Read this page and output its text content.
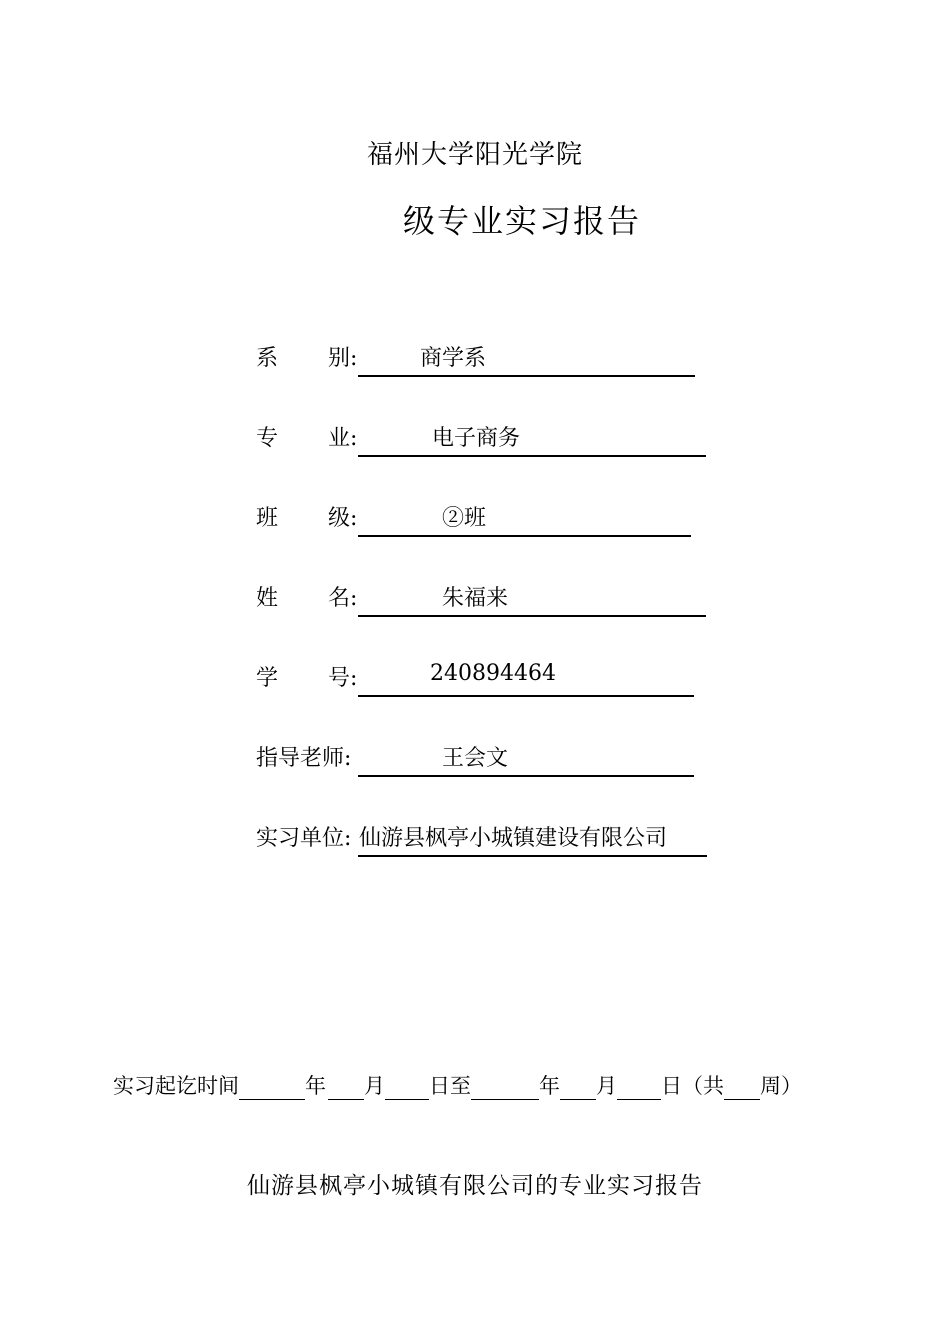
福州大学阳光学院
级专业实习报告
系 别:	商学系
专 业:	电子商务
班 级:	②班
姓 名:	朱福来
学 号:	240894464
指导老师:	王会文
实习单位: 仙游县枫亭小城镇建设有限公司
实习起讫时间	年 月 日至	年 月 日（共 周）
仙游县枫亭小城镇有限公司的专业实习报告
